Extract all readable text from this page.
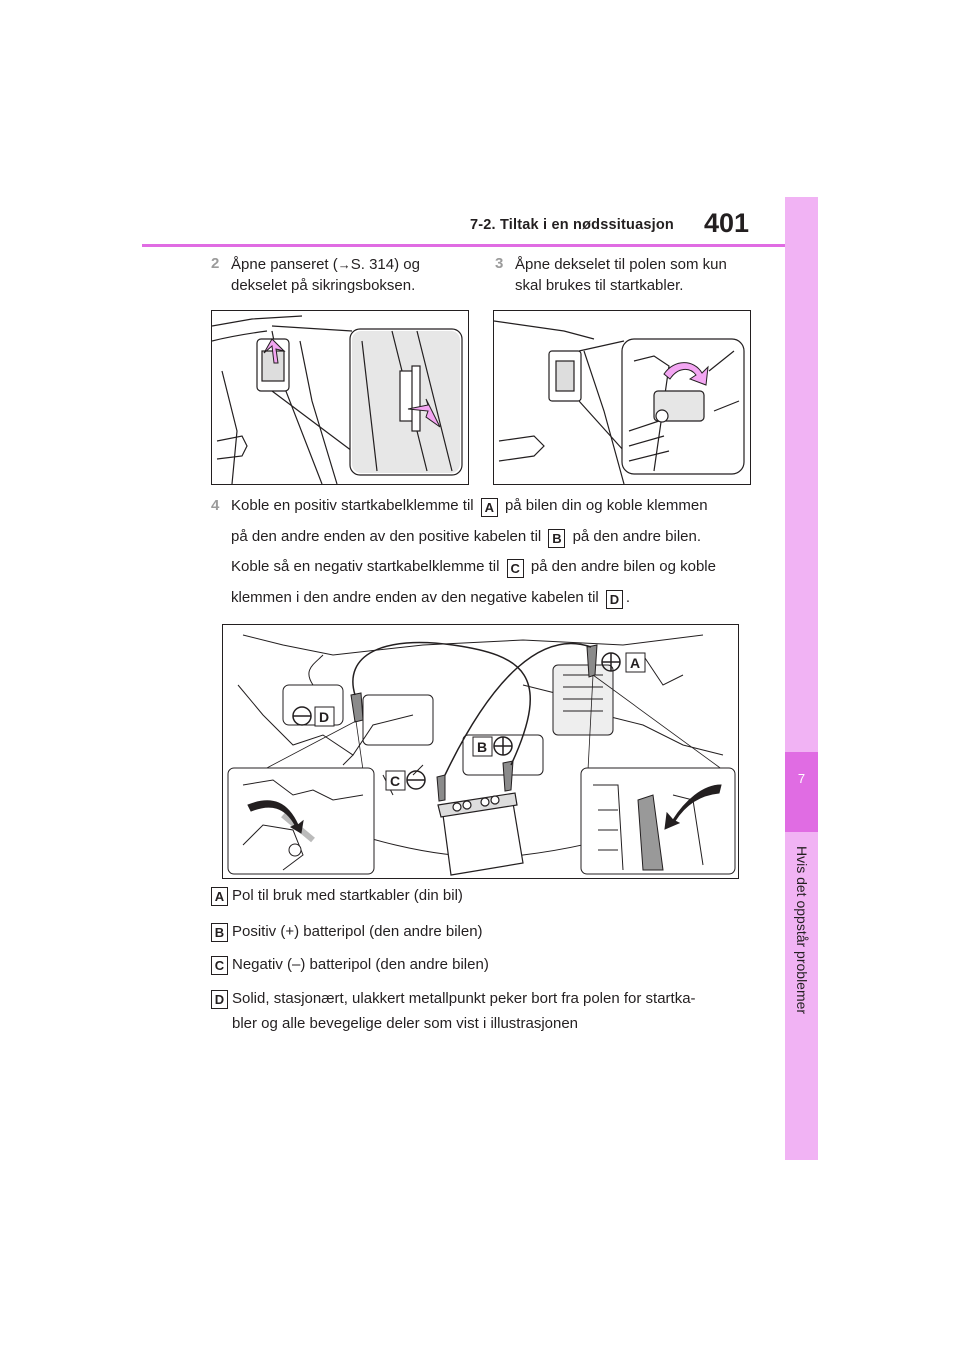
7-2. Tiltak i en nødssituasjon	401
7
Hvis det oppstår problemer
2 Åpne panseret (→S. 314) og
dekselet på sikringsboksen.
3 Åpne dekselet til polen som kun
skal brukes til startkabler.
4 Koble en positiv startkabelklemme til A på bilen din og koble klemmen
på den andre enden av den positive kabelen til B på den andre bilen.
Koble så en negativ startkabelklemme til C på den andre bilen og koble
klemmen i den andre enden av den negative kabelen til D .
A
D
B
C
A Pol til bruk med startkabler (din bil)
B Positiv (+) batteripol (den andre bilen)
C Negativ (–) batteripol (den andre bilen)
D Solid, stasjonært, ulakkert metallpunkt peker bort fra polen for startka-
bler og alle bevegelige deler som vist i illustrasjonen
